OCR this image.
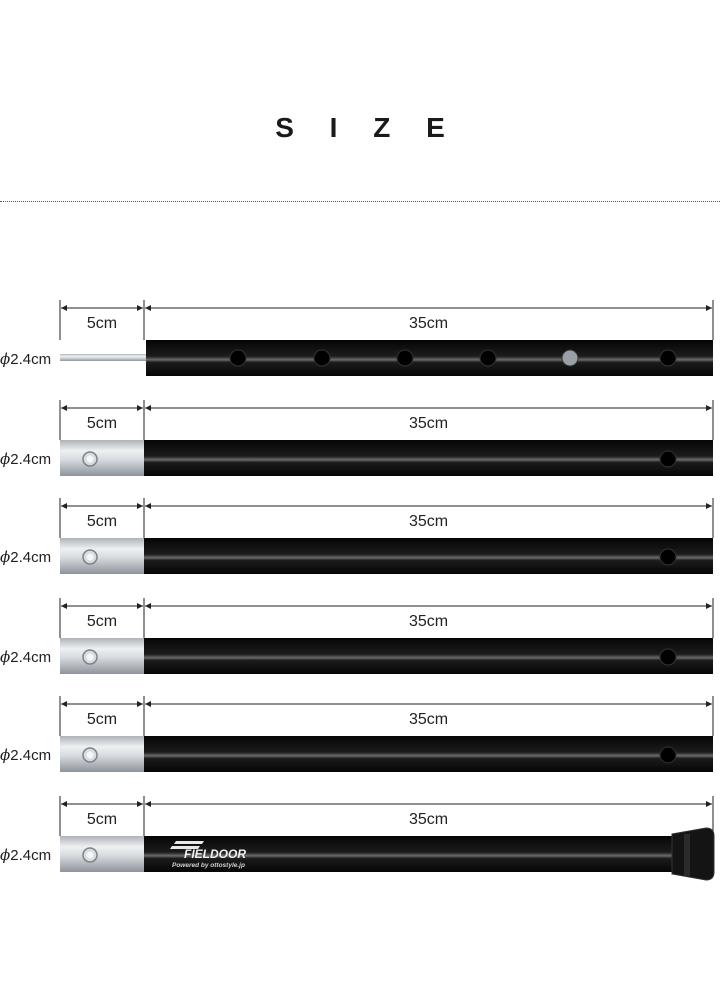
S I Z E
5cm	35cm
ϕ2.4cm
5cm	35cm
ϕ2.4cm
5cm	35cm
ϕ2.4cm
5cm	35cm
ϕ2.4cm
5cm	35cm
ϕ2.4cm
5cm	35cm
FIELDOOR
Powered by ottostyle.jp
ϕ2.4cm
